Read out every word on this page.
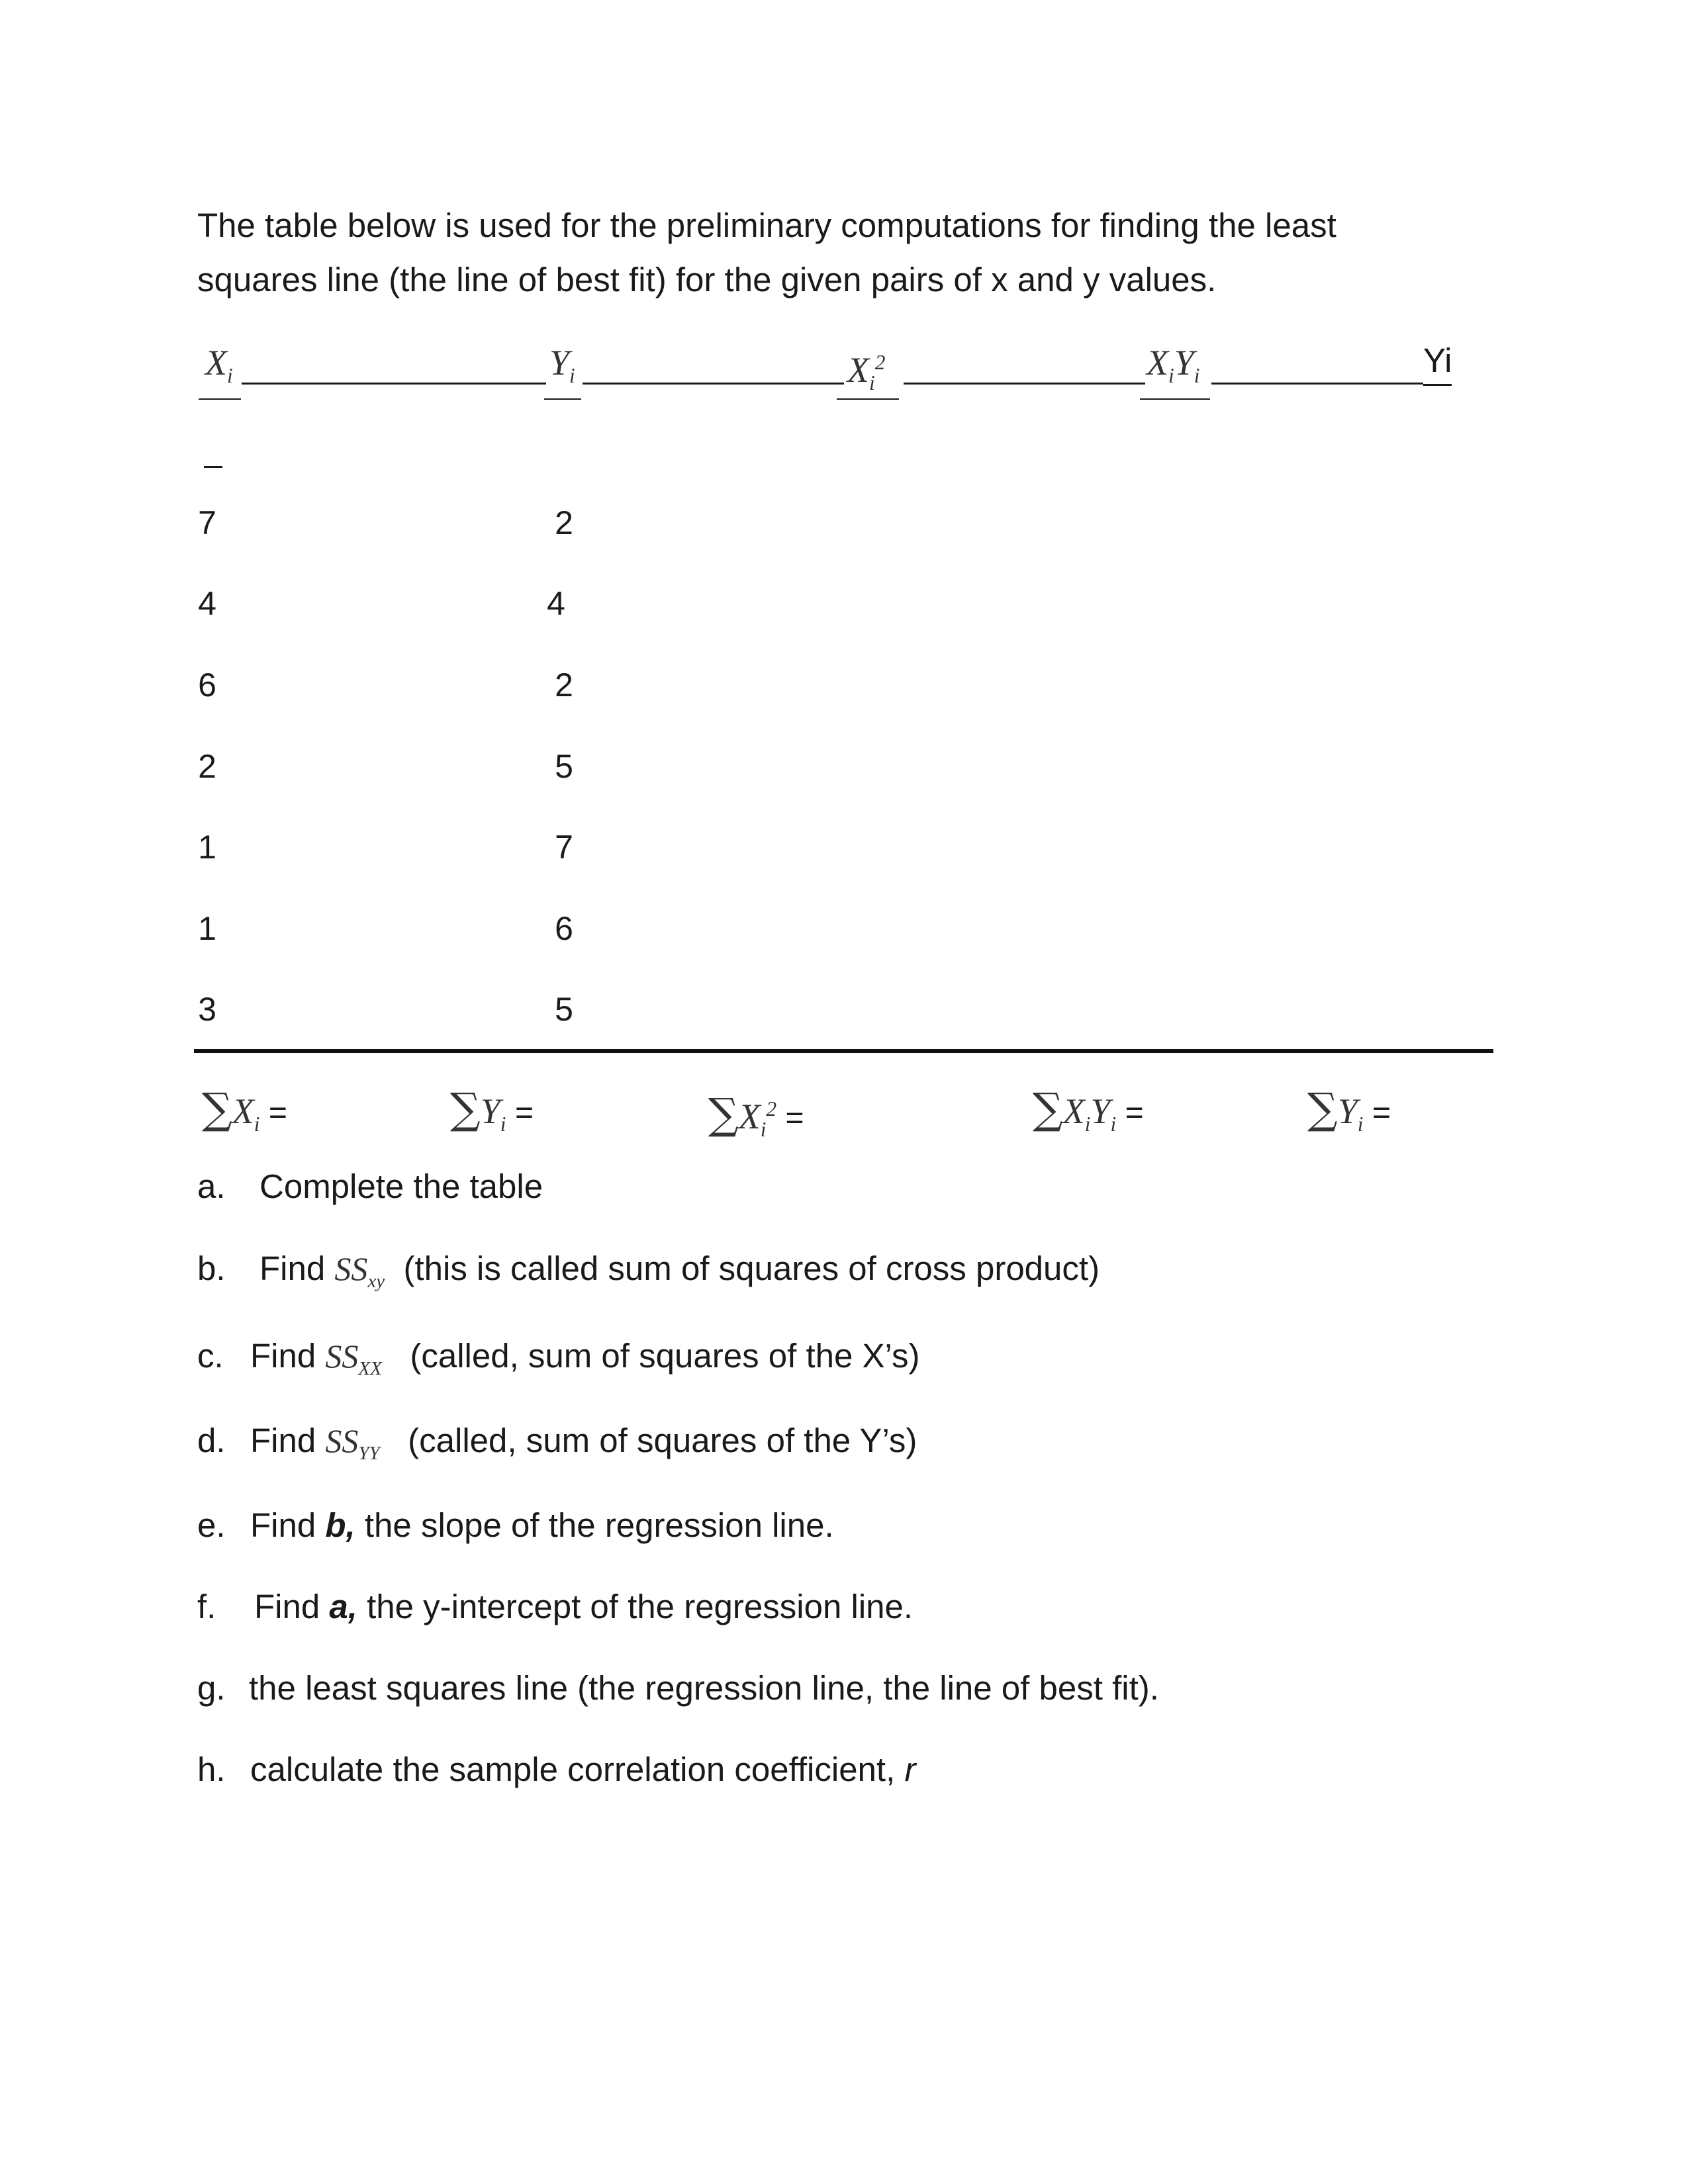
The table below is used for the preliminary computations for finding the least
squares line (the line of best fit) for the given pairs of x and y values.
$X_i$	$Y_i$	$X_i^2$	$X_iY_i$	Yi
7	2
4	4
6	2
2	5
1	7
1	6
3	5
$\sum X_i$ =	$\sum Y_i$ =	$\sum X_i^2$ =	$\sum X_iY_i$ =	$\sum Y_i$ =
a. Complete the table
b. Find $SS_{xy}$ (this is called sum of squares of cross product)
c. Find $SS_{XX}$ (called, sum of squares of the X’s)
d. Find $SS_{YY}$ (called, sum of squares of the Y’s)
e. Find b, the slope of the regression line.
f. Find a, the y-intercept of the regression line.
g. the least squares line (the regression line, the line of best fit).
h. calculate the sample correlation coefficient, r
